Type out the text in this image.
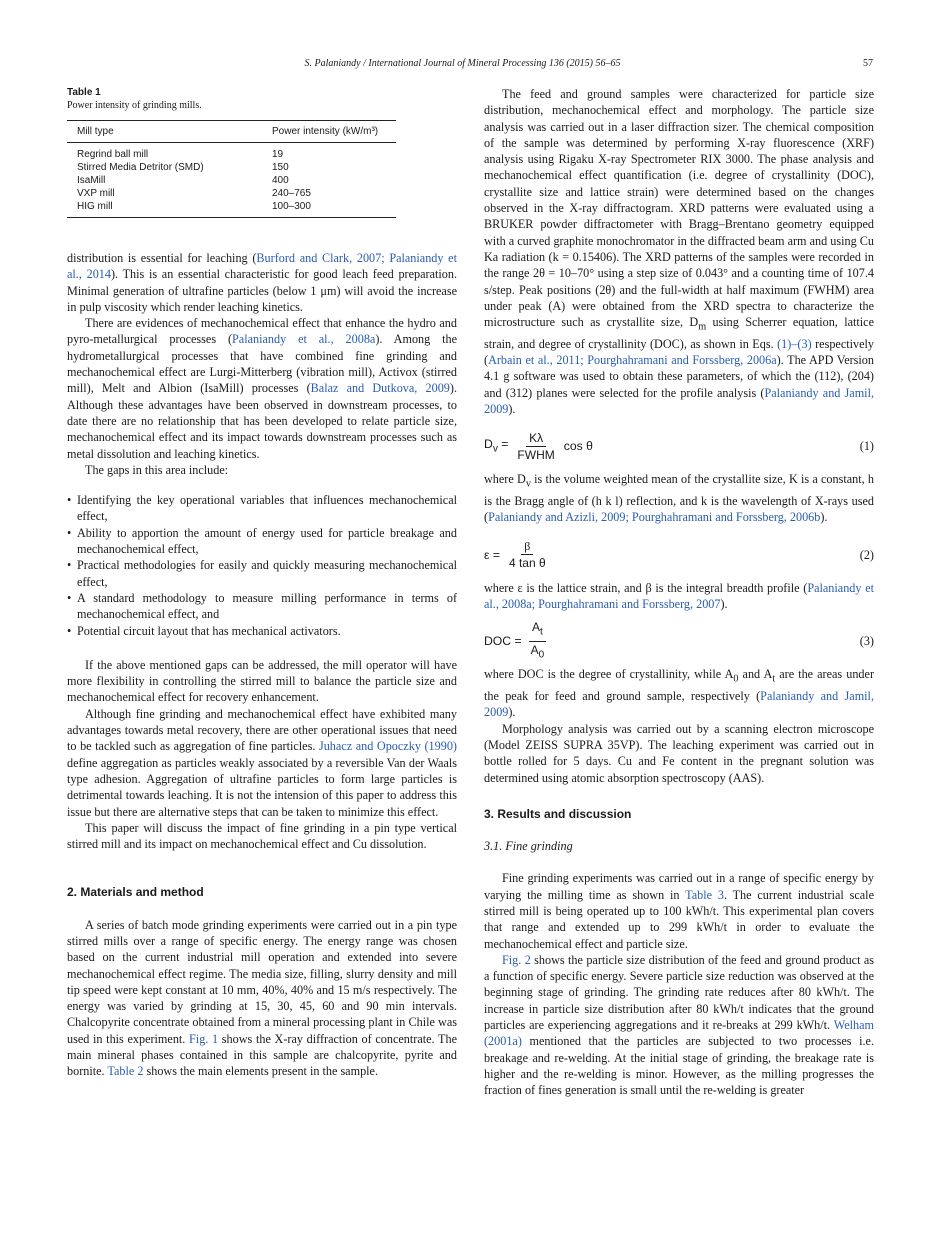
S. Palaniandy / International Journal of Mineral Processing 136 (2015) 56–65	57
Table 1
Power intensity of grinding mills.
Mill type	Power intensity (kW/m³)
Regrind ball mill	19
Stirred Media Detritor (SMD)	150
IsaMill	400
VXP mill	240–765
HIG mill	100–300

distribution is essential for leaching (Burford and Clark, 2007; Palaniandy et al., 2014). This is an essential characteristic for good leach feed preparation. Minimal generation of ultrafine particles (below 1 μm) will avoid the increase in pulp viscosity which render leaching kinetics.

There are evidences of mechanochemical effect that enhance the hydro and pyro-metallurgical processes (Palaniandy et al., 2008a). Among the hydrometallurgical processes that have combined fine grinding and mechanochemical effect are Lurgi-Mitterberg (vibration mill), Activox (stirred mill), Melt and Albion (IsaMill) processes (Balaz and Dutkova, 2009). Although these advantages have been observed in downstream processes, to date there are no relationship that has been developed to relate particle size, mechanochemical effect and its impact towards downstream processes such as metal dissolution and leaching kinetics.

The gaps in this area include:

• Identifying the key operational variables that influences mechanochemical effect,
• Ability to apportion the amount of energy used for particle breakage and mechanochemical effect,
• Practical methodologies for easily and quickly measuring mechanochemical effect,
• A standard methodology to measure milling performance in terms of mechanochemical effect, and
• Potential circuit layout that has mechanical activators.

If the above mentioned gaps can be addressed, the mill operator will have more flexibility in controlling the stirred mill to balance the particle size and mechanochemical effect for recovery enhancement.

Although fine grinding and mechanochemical effect have exhibited many advantages towards metal recovery, there are other operational issues that need to be tackled such as aggregation of fine particles. Juhacz and Opoczky (1990) define aggregation as particles weakly associated by a reversible Van der Waals type adhesion. Aggregation of ultrafine particles to form large particles is detrimental towards leaching. It is not the intension of this paper to address this issue but there are alternative steps that can be taken to minimize this effect.

This paper will discuss the impact of fine grinding in a pin type vertical stirred mill and its impact on mechanochemical effect and Cu dissolution.

2. Materials and method

A series of batch mode grinding experiments were carried out in a pin type stirred mills over a range of specific energy. The energy range was chosen based on the current industrial mill operation and extended into severe mechanochemical effect regime. The media size, filling, slurry density and mill tip speed were kept constant at 10 mm, 40%, 40% and 15 m/s respectively. The energy was varied by grinding at 15, 30, 45, 60 and 90 min intervals. Chalcopyrite concentrate obtained from a mineral processing plant in Chile was used in this experiment. Fig. 1 shows the X-ray diffraction of concentrate. The main mineral phases contained in this sample are chalcopyrite, pyrite and bornite. Table 2 shows the main elements present in the sample.

The feed and ground samples were characterized for particle size distribution, mechanochemical effect and morphology. The particle size analysis was carried out in a laser diffraction sizer. The chemical composition of the sample was determined by performing X-ray fluorescence (XRF) analysis using Rigaku X-ray Spectrometer RIX 3000. The phase analysis and mechanochemical effect quantification (i.e. degree of crystallinity (DOC), crystallite size and lattice strain) were determined based on the changes observed in the X-ray diffractogram. XRD patterns were evaluated using a BRUKER powder diffractometer with Bragg–Brentano geometry equipped with a curved graphite monochromator in the diffracted beam arm and using Cu Ka radiation (k = 0.15406). The XRD patterns of the samples were recorded in the range 2θ = 10–70° using a step size of 0.043° and a counting time of 107.4 s/step. Peak positions (2θ) and the full-width at half maximum (FWHM) area under peak (A) were obtained from the XRD spectra to characterize the microstructure such as crystallite size, $D_m$ using Scherrer equation, lattice strain, and degree of crystallinity (DOC), as shown in Eqs. (1)–(3) respectively (Arbain et al., 2011; Pourghahramani and Forssberg, 2006a). The APD Version 4.1 g software was used to obtain these parameters, of which the (112), (204) and (312) planes were selected for the profile analysis (Palaniandy and Jamil, 2009).

$D_v = \frac{K\lambda}{\text{FWHM}}$ cos θ	(1)

where $D_v$ is the volume weighted mean of the crystallite size, K is a constant, h is the Bragg angle of (h k l) reflection, and k is the wavelength of X-rays used (Palaniandy and Azizli, 2009; Pourghahramani and Forssberg, 2006b).

$\varepsilon = \frac{\beta}{\text{4 tan θ}}$	(2)

where ε is the lattice strain, and β is the integral breadth profile (Palaniandy et al., 2008a; Pourghahramani and Forssberg, 2007).

DOC = $\frac{A_t}{A_0}$	(3)

where DOC is the degree of crystallinity, while $A_0$ and $A_t$ are the areas under the peak for feed and ground sample, respectively (Palaniandy and Jamil, 2009).

Morphology analysis was carried out by a scanning electron microscope (Model ZEISS SUPRA 35VP). The leaching experiment was carried out in bottle rolled for 5 days. Cu and Fe content in the pregnant solution was determined using atomic absorption spectroscopy (AAS).

3. Results and discussion
3.1. Fine grinding

Fine grinding experiments was carried out in a range of specific energy by varying the milling time as shown in Table 3. The current industrial scale stirred mill is being operated up to 100 kWh/t. This experimental plan covers that range and extended up to 299 kWh/t in order to evaluate the mechanochemical effect and particle size.

Fig. 2 shows the particle size distribution of the feed and ground product as a function of specific energy. Severe particle size reduction was observed at the beginning stage of grinding. The grinding rate reduces after 80 kWh/t. The increase in particle size distribution after 80 kWh/t indicates that the ground particles are experiencing aggregations and it re-breaks at 299 kWh/t. Welham (2001a) mentioned that the particles are subjected to two processes i.e. breakage and re-welding. At the initial stage of grinding, the breakage rate is higher and the re-welding is minor. However, as the milling progresses the fraction of fines generation is small until the re-welding is greater
